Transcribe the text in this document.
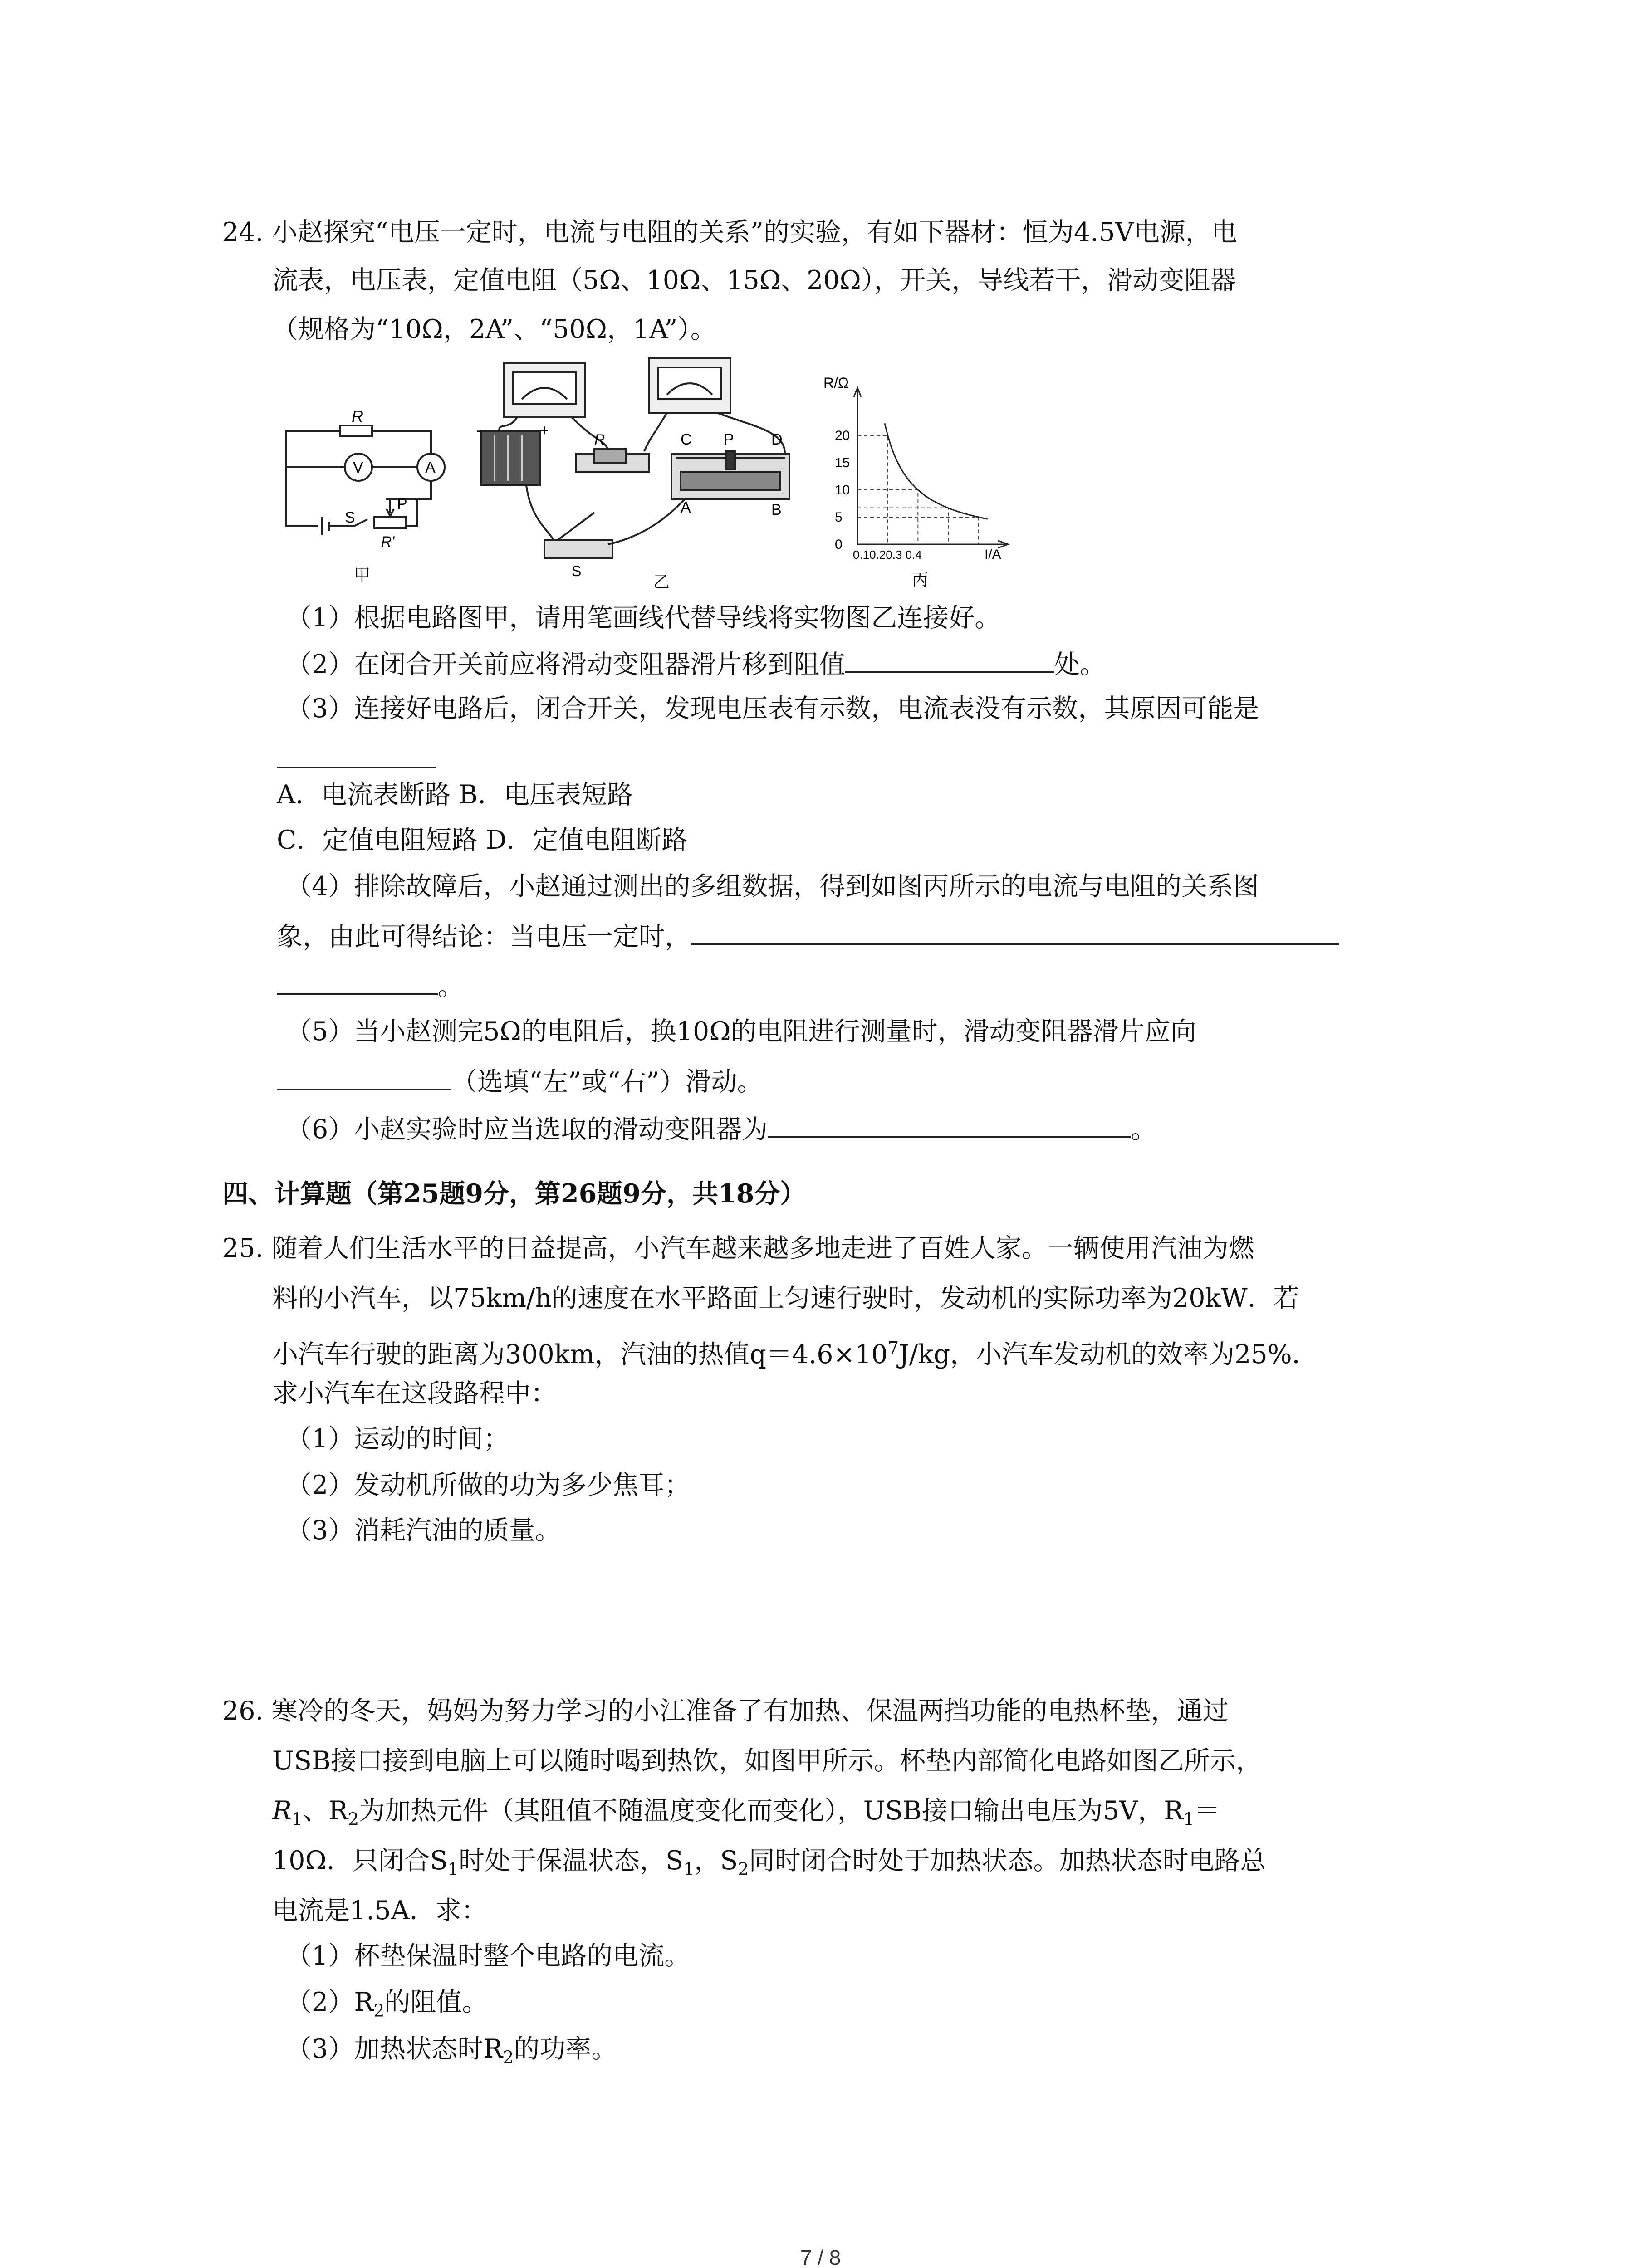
24. 小赵探究“电压一定时，电流与电阻的关系”的实验，有如下器材：恒为4.5V电源，电
流表，电压表，定值电阻（5Ω、10Ω、15Ω、20Ω），开关，导线若干，滑动变阻器
（规格为“10Ω，2A”、“50Ω，1A”）。
R
V	A
S
P
R'
甲
-	+
R	C P D
A	B
S
乙
20
15
10
5
0
R/Ω
0.10.20.3 0.4	I/A
丙
（1）根据电路图甲，请用笔画线代替导线将实物图乙连接好。
（2）在闭合开关前应将滑动变阻器滑片移到阻值	处。
（3）连接好电路后，闭合开关，发现电压表有示数，电流表没有示数，其原因可能是
A．电流表断路 B．电压表短路
C．定值电阻短路 D．定值电阻断路
（4）排除故障后，小赵通过测出的多组数据，得到如图丙所示的电流与电阻的关系图
象，由此可得结论：当电压一定时，
。
（5）当小赵测完5Ω的电阻后，换10Ω的电阻进行测量时，滑动变阻器滑片应向
（选填“左”或“右”）滑动。
（6）小赵实验时应当选取的滑动变阻器为	。
四、计算题（第25题9分，第26题9分，共18分）
25. 随着人们生活水平的日益提高，小汽车越来越多地走进了百姓人家。一辆使用汽油为燃
料的小汽车，以75km/h的速度在水平路面上匀速行驶时，发动机的实际功率为20kW．若
小汽车行驶的距离为300km，汽油的热值$q=4.6\times 10^7J/kg$，小汽车发动机的效率为25%．
求小汽车在这段路程中：
（1）运动的时间；
（2）发动机所做的功为多少焦耳；
（3）消耗汽油的质量。
26. 寒冷的冬天，妈妈为努力学习的小江准备了有加热、保温两挡功能的电热杯垫，通过
USB接口接到电脑上可以随时喝到热饮，如图甲所示。杯垫内部简化电路如图乙所示，
$R_1$、$R_2$为加热元件（其阻值不随温度变化而变化），USB接口输出电压为5V，$R_1=$
10Ω．只闭合$S_1$时处于保温状态，$S_1$，$S_2$同时闭合时处于加热状态。加热状态时电路总
电流是1.5A．求：
（1）杯垫保温时整个电路的电流。
$(2)R_2$的阻值。
（3）加热状态时$R_2$的功率。
7 / 8
